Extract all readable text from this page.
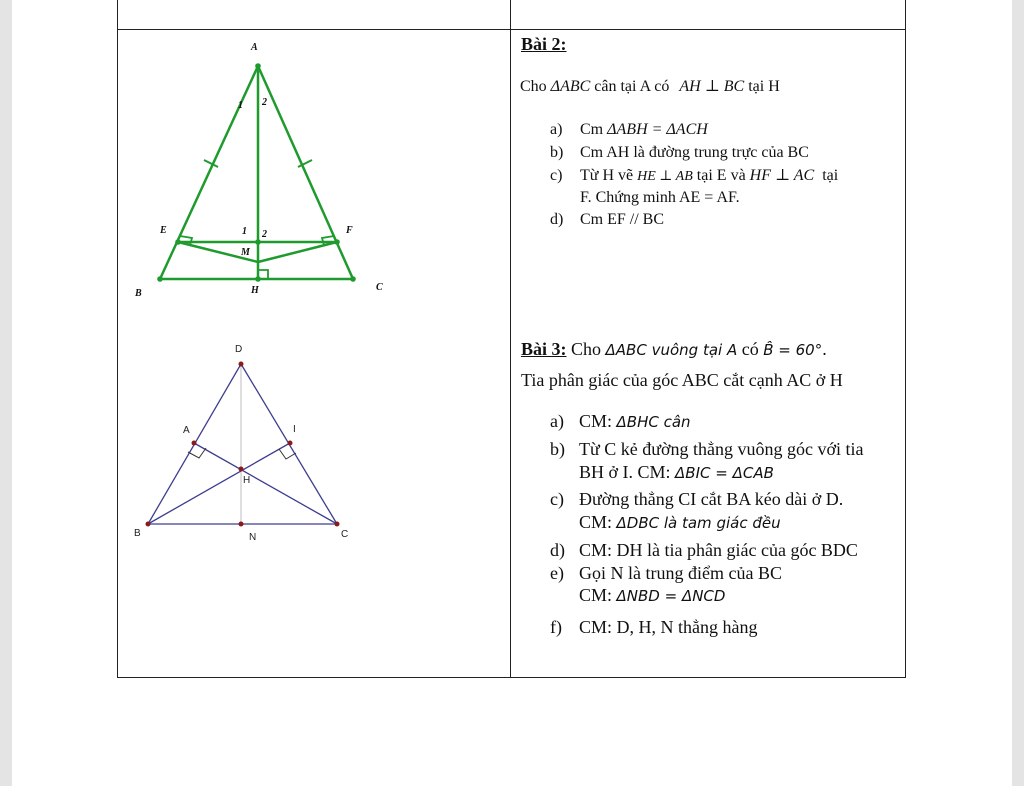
A
B
C
E	F
H
M
1 2
1 2
D
A	I
H
B	N	C
Bài 2:
Cho ΔABC cân tại A có AH ⊥ BC tại H
a) Cm ΔABH = ΔACH
b) Cm AH là đường trung trực của BC
c) Từ H vẽ HE ⊥ AB tại E và HF ⊥ AC tại
F. Chứng minh AE = AF.
d) Cm EF // BC
Bài 3: Cho ΔABC vuông tại A có B̂ = 60°.
Tia phân giác của góc ABC cắt cạnh AC ở H
a) CM: ΔBHC cân
b) Từ C kẻ đường thẳng vuông góc với tia
BH ở I. CM: ΔBIC = ΔCAB
c) Đường thẳng CI cắt BA kéo dài ở D.
CM: ΔDBC là tam giác đều
d) CM: DH là tia phân giác của góc BDC
e) Gọi N là trung điểm của BC
CM: ΔNBD = ΔNCD
f) CM: D, H, N thẳng hàng
